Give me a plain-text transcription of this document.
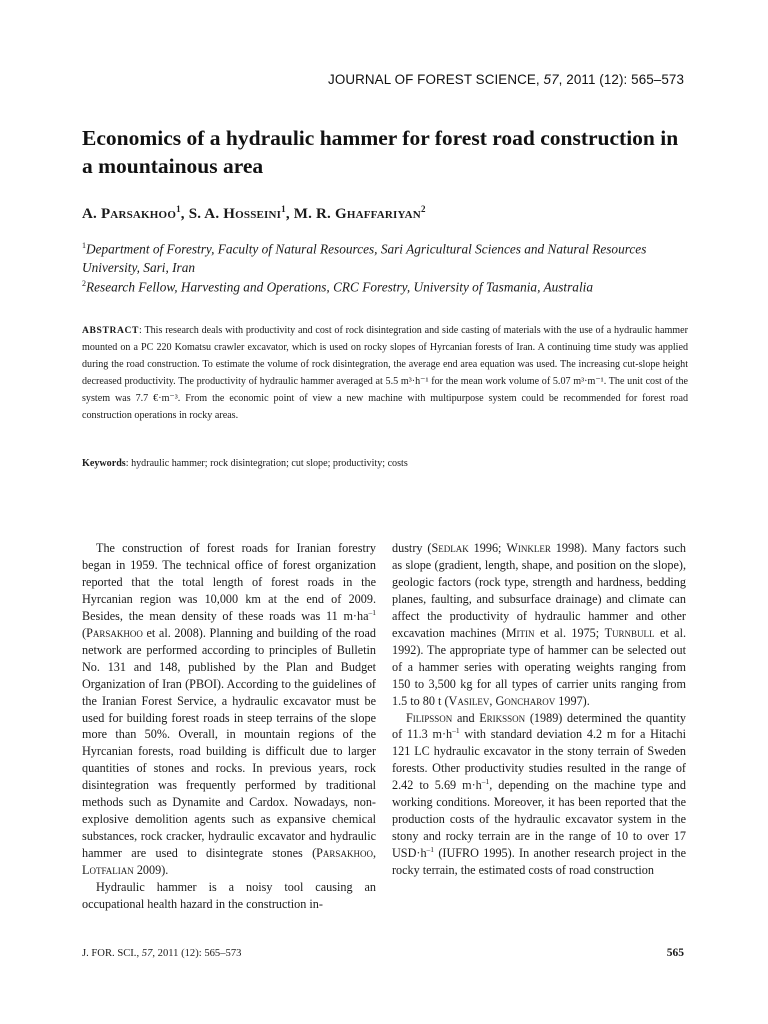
JOURNAL OF FOREST SCIENCE, 57, 2011 (12): 565–573
Economics of a hydraulic hammer for forest road construction in a mountainous area
A. Parsakhoo$^1$, S. A. Hosseini$^1$, M. R. Ghaffariyan$^2$
$^1$Department of Forestry, Faculty of Natural Resources, Sari Agricultural Sciences and Natural Resources University, Sari, Iran
$^2$Research Fellow, Harvesting and Operations, CRC Forestry, University of Tasmania, Australia
ABSTRACT: This research deals with productivity and cost of rock disintegration and side casting of materials with the use of a hydraulic hammer mounted on a PC 220 Komatsu crawler excavator, which is used on rocky slopes of Hyrcanian forests of Iran. A continuing time study was applied during the road construction. To estimate the volume of rock disintegration, the average end area equation was used. The increasing cut-slope height decreased productivity. The productivity of hydraulic hammer averaged at 5.5 m³·h⁻¹ for the mean work volume of 5.07 m³·m⁻¹. The unit cost of the system was 7.7 €·m⁻³. From the economic point of view a new machine with multipurpose system could be recommended for forest road construction operations in rocky areas.
Keywords: hydraulic hammer; rock disintegration; cut slope; productivity; costs

The construction of forest roads for Iranian forestry began in 1959. The technical office of forest organization reported that the total length of forest roads in the Hyrcanian region was 10,000 km at the end of 2009. Besides, the mean density of these roads was 11 $m\cdot ha^{-1}$ (Parsakhoo et al. 2008). Planning and building of the road network are performed according to principles of Bulletin No. 131 and 148, published by the Plan and Budget Organization of Iran (PBOI). According to the guidelines of the Iranian Forest Service, a hydraulic excavator must be used for building forest roads in steep terrains of the slope more than 50%. Overall, in mountain regions of the Hyrcanian forests, road building is difficult due to larger quantities of stones and rocks. In previous years, rock disintegration was frequently performed by traditional methods such as Dynamite and Cardox. Nowadays, non-explosive demolition agents such as expansive chemical substances, rock cracker, hydraulic excavator and hydraulic hammer are used to disintegrate stones (Parsakhoo, Lotfalian 2009).

Hydraulic hammer is a noisy tool causing an occupational health hazard in the construction in-

dustry (Sedlak 1996; Winkler 1998). Many factors such as slope (gradient, length, shape, and position on the slope), geologic factors (rock type, strength and hardness, bedding planes, faulting, and subsurface drainage) and climate can affect the productivity of hydraulic hammer and other excavation machines (Mitin et al. 1975; Turnbull et al. 1992). The appropriate type of hammer can be selected out of a hammer series with operating weights ranging from 150 to 3,500 kg for all types of carrier units ranging from 1.5 to 80 t (Vasilev, Goncharov 1997).

Filipsson and Eriksson (1989) determined the quantity of 11.3 $m\cdot h^{-1}$ with standard deviation 4.2 m for a Hitachi 121 LC hydraulic excavator in the stony terrain of Sweden forests. Other productivity studies resulted in the range of 2.42 to 5.69 $m\cdot h^{-1}$, depending on the machine type and working conditions. Moreover, it has been reported that the production costs of the hydraulic excavator system in the stony and rocky terrain are in the range of 10 to over 17 $USD\cdot h^{-1}$ (IUFRO 1995). In another research project in the rocky terrain, the estimated costs of road construction

J. FOR. SCI., 57, 2011 (12): 565–573	565
